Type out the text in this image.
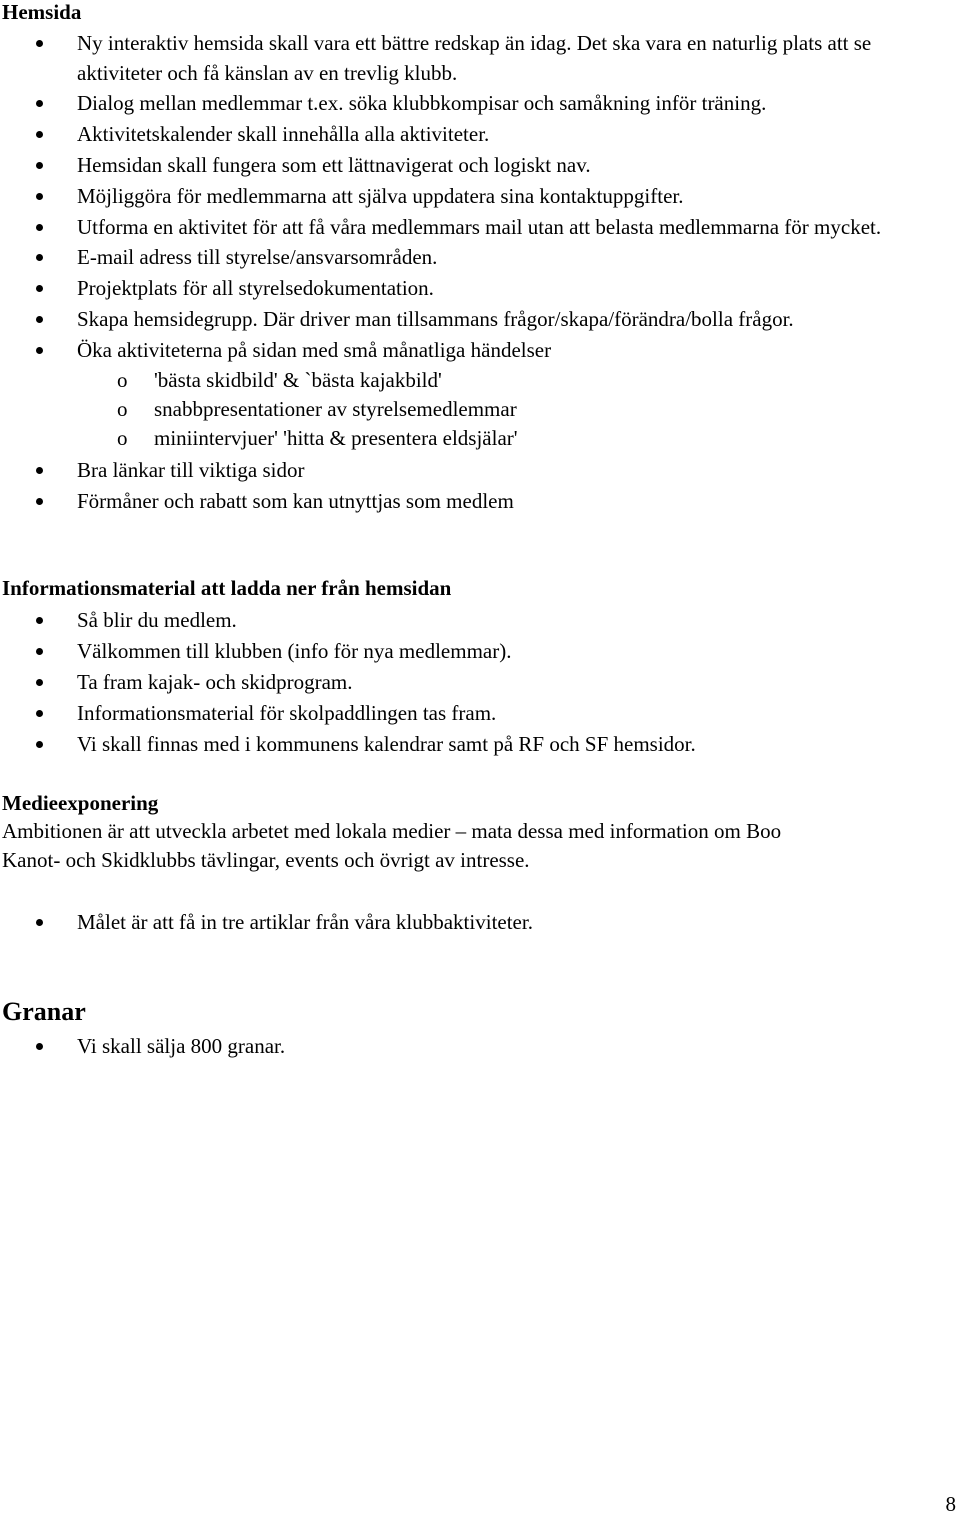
Hemsida
Ny interaktiv hemsida skall vara ett bättre redskap än idag. Det ska vara en naturlig plats att se aktiviteter och få känslan av en trevlig klubb.
Dialog mellan medlemmar t.ex. söka klubbkompisar och samåkning inför träning.
Aktivitetskalender skall innehålla alla aktiviteter.
Hemsidan skall fungera som ett lättnavigerat och logiskt nav.
Möjliggöra för medlemmarna att själva uppdatera sina kontaktuppgifter.
Utforma en aktivitet för att få våra medlemmars mail utan att belasta medlemmarna för mycket.
E-mail adress till styrelse/ansvarsområden.
Projektplats för all styrelsedokumentation.
Skapa hemsidegrupp. Där driver man tillsammans frågor/skapa/förändra/bolla frågor.
Öka aktiviteterna på sidan med små månatliga händelser
o 'bästa skidbild' & `bästa kajakbild'
o snabbpresentationer av styrelsemedlemmar
o miniintervjuer' 'hitta & presentera eldsjälar'
Bra länkar till viktiga sidor
Förmåner och rabatt som kan utnyttjas som medlem
Informationsmaterial att ladda ner från hemsidan
Så blir du medlem.
Välkommen till klubben (info för nya medlemmar).
Ta fram kajak- och skidprogram.
Informationsmaterial för skolpaddlingen tas fram.
Vi skall finnas med i kommunens kalendrar samt på RF och SF hemsidor.
Medieexponering
Ambitionen är att utveckla arbetet med lokala medier – mata dessa med information om Boo
Kanot- och Skidklubbs tävlingar, events och övrigt av intresse.
Målet är att få in tre artiklar från våra klubbaktiviteter.
Granar
Vi skall sälja 800 granar.
8
